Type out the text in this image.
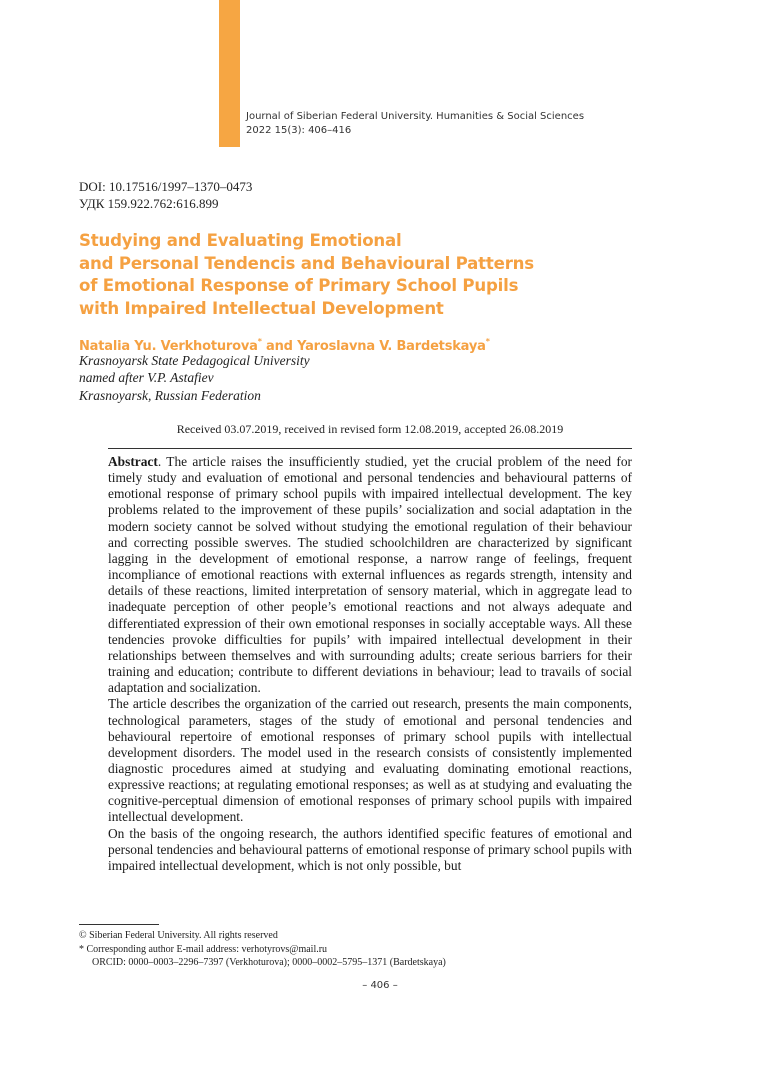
Journal of Siberian Federal University. Humanities & Social Sciences
2022 15(3): 406–416
DOI: 10.17516/1997–1370–0473
УДК 159.922.762:616.899
Studying and Evaluating Emotional
and Personal Tendencis and Behavioural Patterns
of Emotional Response of Primary School Pupils
with Impaired Intellectual Development
Natalia Yu. Verkhoturova* and Yaroslavna V. Bardetskaya*
Krasnoyarsk State Pedagogical University
named after V.P. Astafiev
Krasnoyarsk, Russian Federation
Received 03.07.2019, received in revised form 12.08.2019, accepted 26.08.2019

Abstract. The article raises the insufficiently studied, yet the crucial problem of the need for timely study and evaluation of emotional and personal tendencies and behavioural patterns of emotional response of primary school pupils with impaired intellectual development. The key problems related to the improvement of these pupils’ socialization and social adaptation in the modern society cannot be solved without studying the emotional regulation of their behaviour and correcting possible swerves. The studied schoolchildren are characterized by significant lagging in the development of emotional response, a narrow range of feelings, frequent incompliance of emotional reactions with external influences as regards strength, intensity and details of these reactions, limited interpretation of sensory material, which in aggregate lead to inadequate perception of other people’s emotional reactions and not always adequate and differentiated expression of their own emotional responses in socially acceptable ways. All these tendencies provoke difficulties for pupils’ with impaired intellectual development in their relationships between themselves and with surrounding adults; create serious barriers for their training and education; contribute to different deviations in behaviour; lead to travails of social adaptation and socialization.

The article describes the organization of the carried out research, presents the main components, technological parameters, stages of the study of emotional and personal tendencies and behavioural repertoire of emotional responses of primary school pupils with intellectual development disorders. The model used in the research consists of consistently implemented diagnostic procedures aimed at studying and evaluating dominating emotional reactions, expressive reactions; at regulating emotional responses; as well as at studying and evaluating the cognitive-perceptual dimension of emotional responses of primary school pupils with impaired intellectual development.

On the basis of the ongoing research, the authors identified specific features of emotional and personal tendencies and behavioural patterns of emotional response of primary school pupils with impaired intellectual development, which is not only possible, but

© Siberian Federal University. All rights reserved
* Corresponding author E-mail address: verhotyrovs@mail.ru
ORCID: 0000–0003–2296–7397 (Verkhoturova); 0000–0002–5795–1371 (Bardetskaya)
– 406 –
